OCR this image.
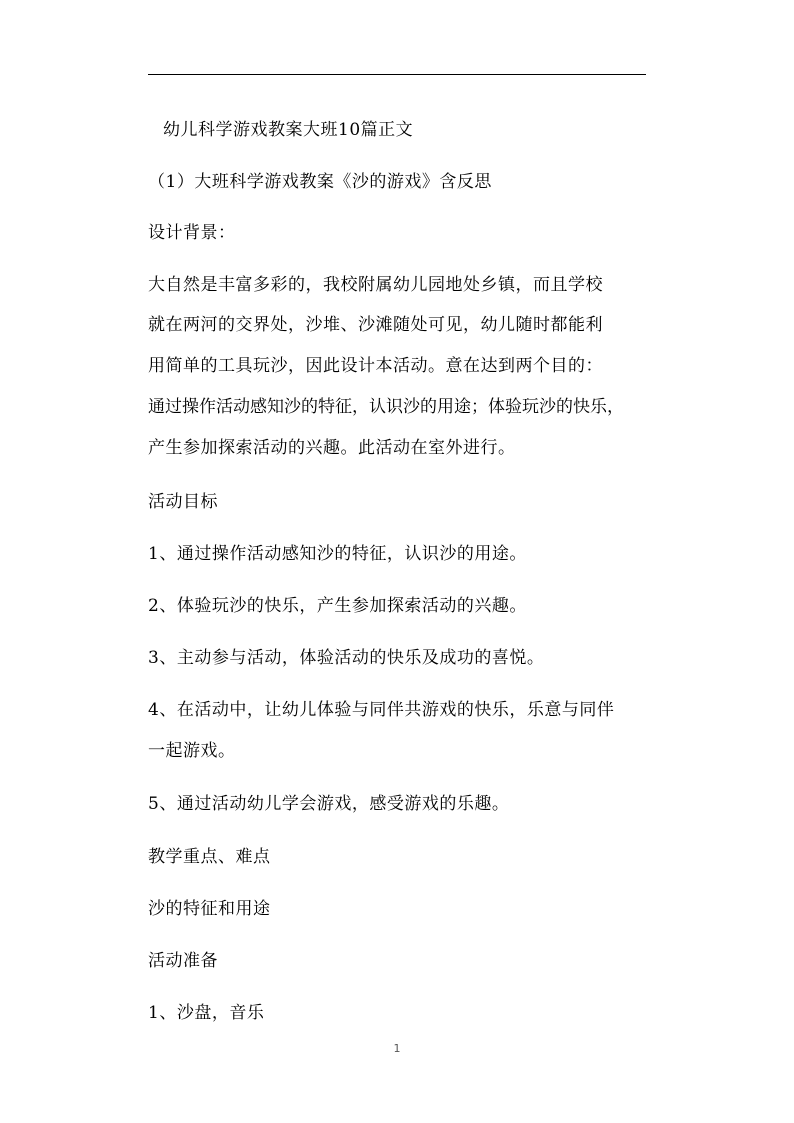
幼儿科学游戏教案大班10篇正文
（1）大班科学游戏教案《沙的游戏》含反思
设计背景：
大自然是丰富多彩的，我校附属幼儿园地处乡镇，而且学校
就在两河的交界处，沙堆、沙滩随处可见，幼儿随时都能利
用简单的工具玩沙，因此设计本活动。意在达到两个目的：
通过操作活动感知沙的特征，认识沙的用途；体验玩沙的快乐，
产生参加探索活动的兴趣。此活动在室外进行。
活动目标
1、通过操作活动感知沙的特征，认识沙的用途。
2、体验玩沙的快乐，产生参加探索活动的兴趣。
3、主动参与活动，体验活动的快乐及成功的喜悦。
4、在活动中，让幼儿体验与同伴共游戏的快乐，乐意与同伴
一起游戏。
5、通过活动幼儿学会游戏，感受游戏的乐趣。
教学重点、难点
沙的特征和用途
活动准备
1、沙盘，音乐
1
